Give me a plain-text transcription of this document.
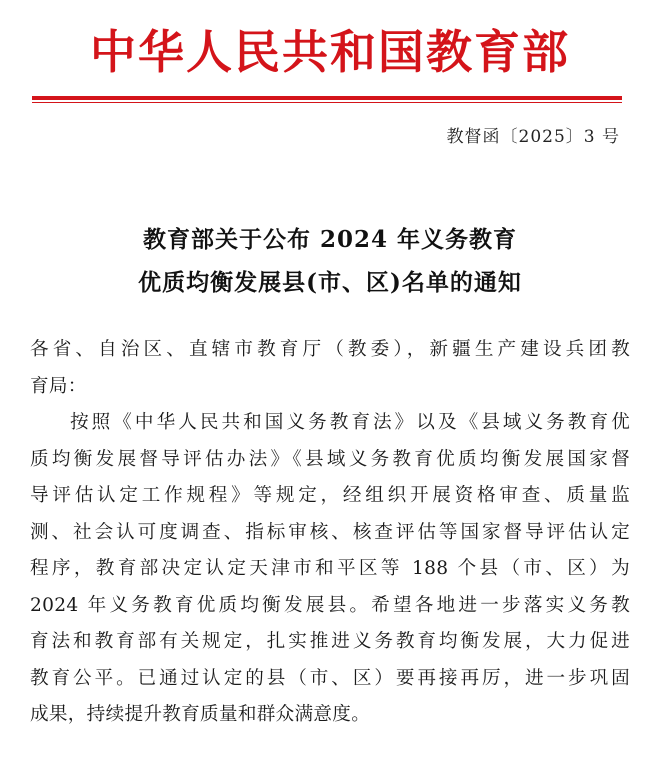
中华人民共和国教育部
教督函〔2025〕3 号
教育部关于公布 2024 年义务教育
优质均衡发展县(市、区)名单的通知
各省、自治区、直辖市教育厅（教委），新疆生产建设兵团教
育局：
按照《中华人民共和国义务教育法》以及《县域义务教育优
质均衡发展督导评估办法》《县域义务教育优质均衡发展国家督
导评估认定工作规程》等规定，经组织开展资格审查、质量监
测、社会认可度调查、指标审核、核查评估等国家督导评估认定
程序，教育部决定认定天津市和平区等 188 个县（市、区）为
2024 年义务教育优质均衡发展县。希望各地进一步落实义务教
育法和教育部有关规定，扎实推进义务教育均衡发展，大力促进
教育公平。已通过认定的县（市、区）要再接再厉，进一步巩固
成果，持续提升教育质量和群众满意度。
